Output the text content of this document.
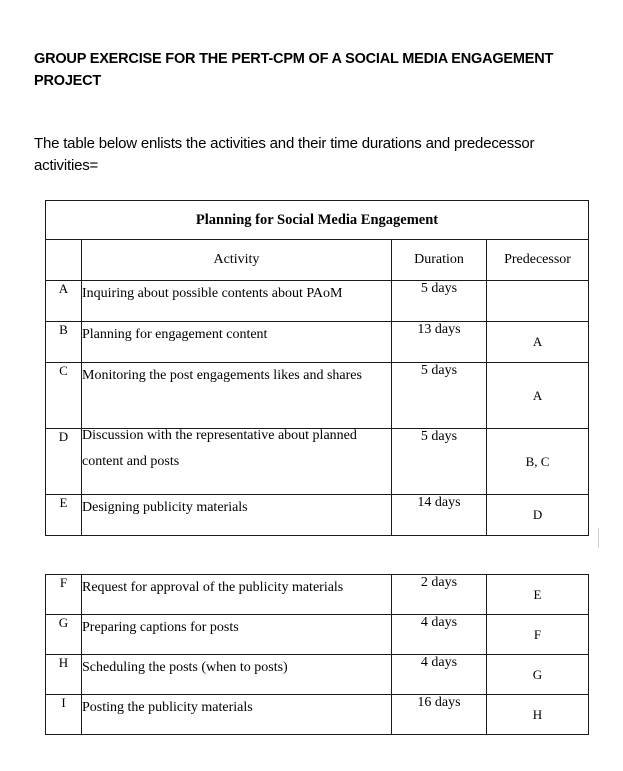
GROUP EXERCISE FOR THE PERT-CPM OF A SOCIAL MEDIA ENGAGEMENT PROJECT
The table below enlists the activities and their time durations and predecessor activities=
Planning for Social Media Engagement			
	Activity	Duration	Predecessor
A	Inquiring about possible contents about PAoM	5 days	
B	Planning for engagement content	13 days	A
C	Monitoring the post engagements likes and shares	5 days	A
D	Discussion with the representative about planned content and posts	5 days	B, C
E	Designing publicity materials	14 days	D
F	Request for approval of the publicity materials	2 days	E
G	Preparing captions for posts	4 days	F
H	Scheduling the posts (when to posts)	4 days	G
I	Posting the publicity materials	16 days	H
